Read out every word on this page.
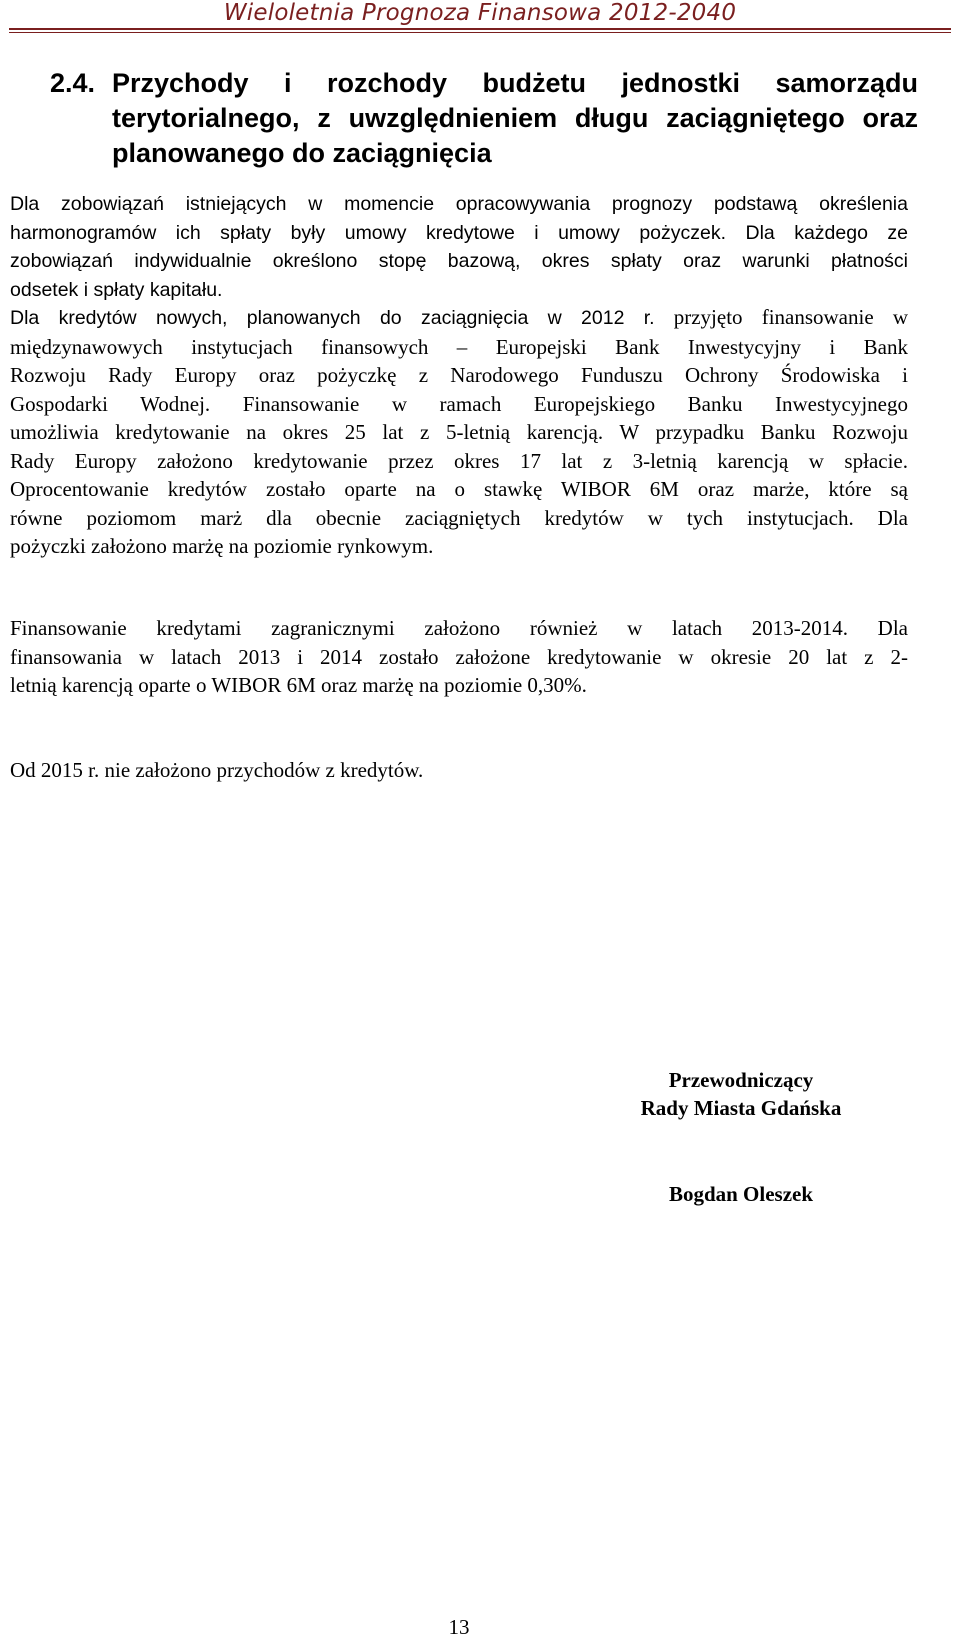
Wieloletnia Prognoza Finansowa 2012-2040
2.4. Przychody i rozchody budżetu jednostki samorządu
terytorialnego, z uwzględnieniem długu zaciągniętego oraz
planowanego do zaciągnięcia
Dla zobowiązań istniejących w momencie opracowywania prognozy podstawą określenia
harmonogramów ich spłaty były umowy kredytowe i umowy pożyczek. Dla każdego ze
zobowiązań indywidualnie określono stopę bazową, okres spłaty oraz warunki płatności
odsetek i spłaty kapitału.
Dla kredytów nowych, planowanych do zaciągnięcia w 2012 r. przyjęto finansowanie w
międzynawowych instytucjach finansowych – Europejski Bank Inwestycyjny i Bank
Rozwoju Rady Europy oraz pożyczkę z Narodowego Funduszu Ochrony Środowiska i
Gospodarki Wodnej. Finansowanie w ramach Europejskiego Banku Inwestycyjnego
umożliwia kredytowanie na okres 25 lat z 5-letnią karencją. W przypadku Banku Rozwoju
Rady Europy założono kredytowanie przez okres 17 lat z 3-letnią karencją w spłacie.
Oprocentowanie kredytów zostało oparte na o stawkę WIBOR 6M oraz marże, które są
równe poziomom marż dla obecnie zaciągniętych kredytów w tych instytucjach. Dla
pożyczki założono marżę na poziomie rynkowym.
Finansowanie kredytami zagranicznymi założono również w latach 2013-2014. Dla
finansowania w latach 2013 i 2014 zostało założone kredytowanie w okresie 20 lat z 2-
letnią karencją oparte o WIBOR 6M oraz marżę na poziomie 0,30%.
Od 2015 r. nie założono przychodów z kredytów.
Przewodniczący
Rady Miasta Gdańska
Bogdan Oleszek
13
